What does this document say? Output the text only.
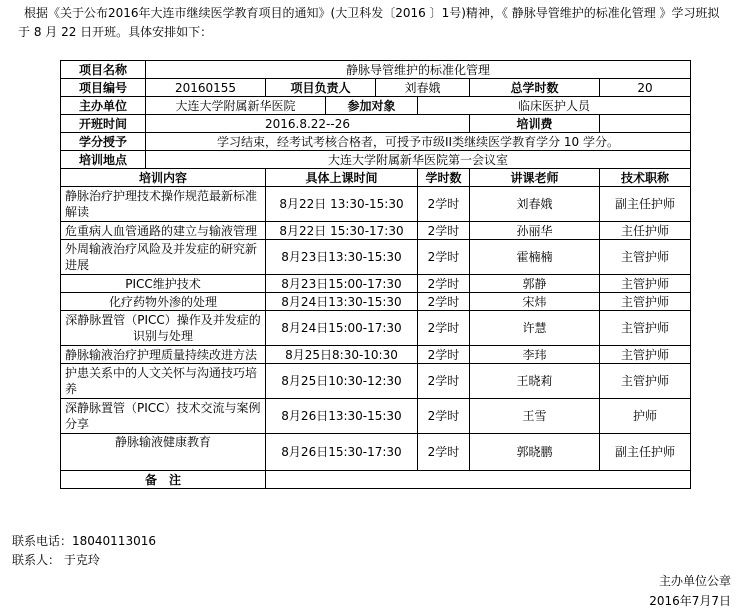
根据《关于公布2016年大连市继续医学教育项目的通知》(大卫科发〔2016 〕1号)精神，《 静脉导管维护的标准化管理 》学习班拟
于 8 月 22 日开班。具体安排如下：
项目名称	静脉导管维护的标准化管理						
项目编号	20160155	项目负责人		刘春娥		总学时数	20
主办单位	大连大学附属新华医院		参加对象		临床医护人员		
开班时间	2016.8.22--26					培训费	
学分授予	学习结束，经考试考核合格者，可授予市级II类继续医学教育学分 10 学分。						
培训地点	大连大学附属新华医院第一会议室						
培训内容		具体上课时间			学时数	讲课老师	技术职称
静脉治疗护理技术操作规范最新标准解读		8月22日 13:30-15:30			2学时	刘春娥	副主任护师
危重病人血管通路的建立与输液管理		8月22日 15:30-17:30			2学时	孙丽华	主任护师
外周输液治疗风险及并发症的研究新进展		8月23日13:30-15:30			2学时	霍楠楠	主管护师
PICC维护技术		8月23日15:00-17:30			2学时	郭静	主管护师
化疗药物外渗的处理		8月24日13:30-15:30			2学时	宋炜	主管护师
深静脉置管（PICC）操作及并发症的识别与处理		8月24日15:00-17:30			2学时	许慧	主管护师
静脉输液治疗护理质量持续改进方法		8月25日8:30-10:30			2学时	李玮	主管护师
护患关系中的人文关怀与沟通技巧培养		8月25日10:30-12:30			2学时	王晓莉	主管护师
深静脉置管（PICC）技术交流与案例分享		8月26日13:30-15:30			2学时	王雪	护师
静脉输液健康教育		8月26日15:30-17:30			2学时	郭晓鹏	副主任护师
备　注							
联系电话：18040113016
联系人： 于克玲
主办单位公章
2016年7月7日
